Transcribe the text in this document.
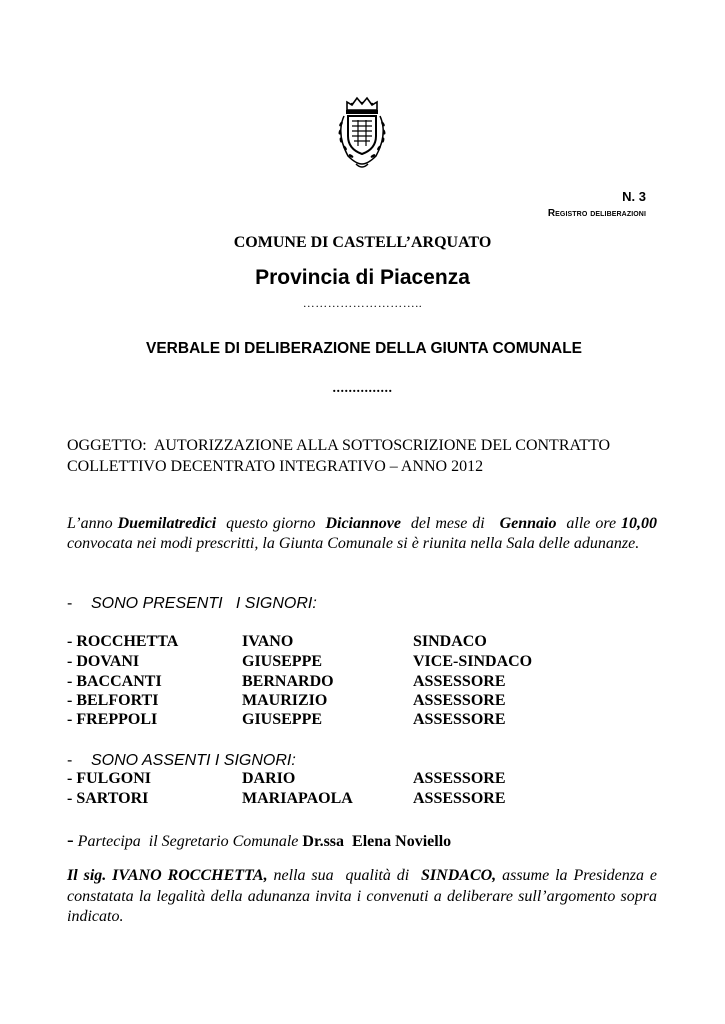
N. 3
Registro deliberazioni
COMUNE DI CASTELL’ARQUATO
Provincia di Piacenza
………………………..
VERBALE DI DELIBERAZIONE DELLA GIUNTA COMUNALE
...............
OGGETTO:  AUTORIZZAZIONE ALLA SOTTOSCRIZIONE DEL CONTRATTO
COLLETTIVO DECENTRATO INTEGRATIVO – ANNO 2012
L’anno Duemilatredici  questo giorno  Diciannove  del mese di   Gennaio  alle ore 10,00  convocata nei modi prescritti, la Giunta Comunale si è riunita nella Sala delle adunanze.
- SONO PRESENTI   I SIGNORI:
- ROCCHETTA	IVANO	SINDACO
- DOVANI	GIUSEPPE	VICE-SINDACO
- BACCANTI	BERNARDO	ASSESSORE
- BELFORTI	MAURIZIO	ASSESSORE
- FREPPOLI	GIUSEPPE	ASSESSORE
- SONO ASSENTI I SIGNORI:
- FULGONI	DARIO	ASSESSORE
- SARTORI	MARIAPAOLA	ASSESSORE
- Partecipa  il Segretario Comunale Dr.ssa  Elena Noviello
Il sig. IVANO ROCCHETTA, nella sua  qualità di  SINDACO, assume la Presidenza e constatata la legalità della adunanza invita i convenuti a deliberare sull’argomento sopra indicato.
